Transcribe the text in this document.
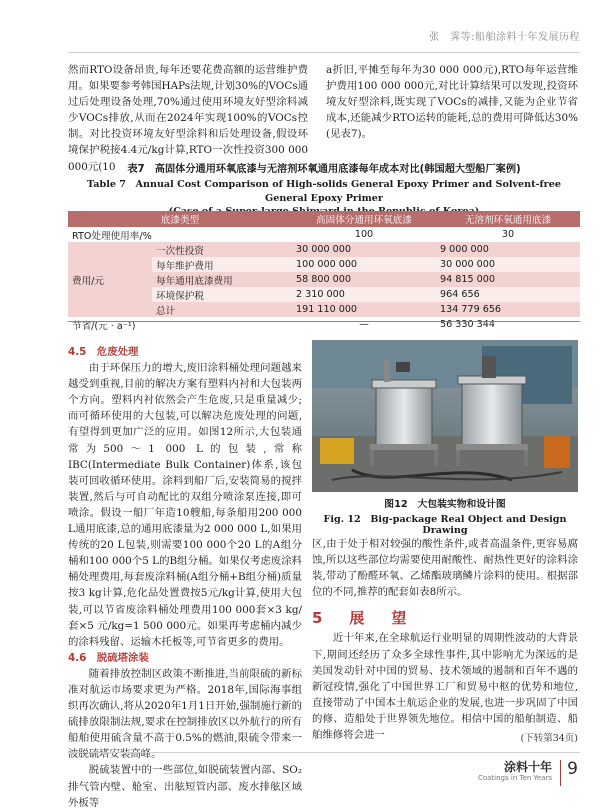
张　霁等:船舶涂料十年发展历程

然而RTO设备昂贵,每年还要花费高额的运营维护费用。如果要参考韩国HAPs法规,计划30%的VOCs通过后处理设备处理,70%通过使用环境友好型涂料减少VOCs排放,从而在2024年实现100%的VOCs控制。对比投资环境友好型涂料和后处理设备,假设环境保护税接4.4元/kg计算,RTO一次性投资300 000 000元(10

a折旧,平摊至每年为30 000 000元),RTO每年运营维护费用100 000 000元,对比计算结果可以发现,投资环境友好型涂料,既实现了VOCs的减排,又能为企业节省成本,还能减少RTO运转的能耗,总的费用可降低达30%(见表7)。

表7　高固体分通用环氧底漆与无溶剂环氧通用底漆每年成本对比(韩国超大型船厂案例)
Table 7　Annual Cost Comparison of High-solids General Epoxy Primer and Solvent-free General Epoxy Primer
底漆类型		高固体分通用环氧底漆	无溶剂环氧通用底漆
RTO处理使用率/%		100	30
费用/元	一次性投资	30 000 000	9 000 000
	每年维护费用	100 000 000	30 000 000
	每年通用底漆费用	58 800 000	94 815 000
	环境保护税	2 310 000	964 656
	总计	191 110 000	134 779 656
节省/(元 · a⁻¹)		—	56 330 344
4.5　危废处理

由于环保压力的增大,废旧涂料桶处理问题越来越受到重视,目前的解决方案有塑料内衬和大包装两个方向。塑料内衬依然会产生危废,只是重量减少;而可循环使用的大包装,可以解决危废处理的问题,有望得到更加广泛的应用。如图12所示,大包装通常为500～1 000 L的包装,常称IBC(Intermediate Bulk Container)体系,该包装可回收循环使用。涂料到船厂后,安装简易的搅拌装置,然后与可自动配比的双组分喷涂泵连接,即可喷涂。假设一船厂年造10艘船,每条船用200 000 L通用底漆,总的通用底漆量为2 000 000 L,如果用传统的20 L包装,则需要100 000个20 L的A组分桶和100 000个5 L的B组分桶。如果仅考虑废涂料桶处理费用,每套废涂料桶(A组分桶+B组分桶)质量按3 kg计算,危化品处置费按5元/kg计算,使用大包装,可以节省废涂料桶处理费用100 000套×3 kg/套×5 元/kg=1 500 000元。如果再考虑桶内减少的涂料残留、运输木托板等,可节省更多的费用。

4.6　脱硫塔涂装

随着排放控制区政策不断推进,当前限硫的新标准对航运市场要求更为严格。2018年,国际海事组织再次确认,将从2020年1月1日开始,强制施行新的硫排放限制法规,要求在控制排放区以外航行的所有船舶使用硫含量不高于0.5%的燃油,限硫令带来一波脱硫塔安装高峰。

脱硫装置中的一些部位,如脱硫装置内部、SO₂排气管内壁、舱室、出舷短管内部、废水排舷区域外板等

图12　大包装实物和设计图
Fig. 12　Big-package Real Object and Design Drawing

区,由于处于相对较强的酸性条件,或者高温条件,更容易腐蚀,所以这些部位均需要使用耐酸性、耐热性更好的涂料涂装,带动了酚醛环氧、乙烯酯玻璃鳞片涂料的使用。根据部位的不同,推荐的配套如表8所示。

5　展　望

近十年来,在全球航运行业明显的周期性波动的大背景下,期间还经历了众多全球性事件,其中影响尤为深远的是美国发动针对中国的贸易、技术领域的遏制和百年不遇的新冠疫情,强化了中国世界工厂和贸易中枢的优势和地位,直接带动了中国本土航运企业的发展,也进一步巩固了中国的修、造船处于世界领先地位。相信中国的船舶制造、船舶维修将会进一	(下转第34页)
涂料十年
Coatings in Ten Years 9
